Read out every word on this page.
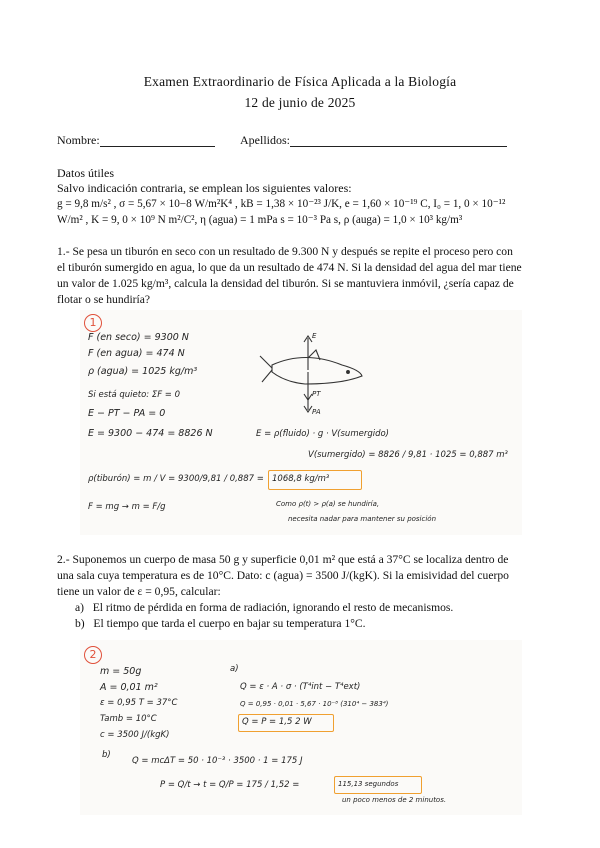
Examen Extraordinario de Física Aplicada a la Biología
12 de junio de 2025
Nombre:	Apellidos:
Datos útiles
Salvo indicación contraria, se emplean los siguientes valores:
g = 9,8 m/s² , σ = 5,67 × 10−8 W/m²K⁴ , kB = 1,38 × 10⁻²³ J/K, e = 1,60 × 10⁻¹⁹ C, I₀ = 1, 0 × 10⁻¹²
W/m² , K = 9, 0 × 10⁹ N m²/C², η (agua) = 1 mPa s = 10⁻³ Pa s, ρ (auga) = 1,0 × 10³ kg/m³
1.- Se pesa un tiburón en seco con un resultado de 9.300 N y después se repite el proceso pero con
el tiburón sumergido en agua, lo que da un resultado de 474 N. Si la densidad del agua del mar tiene
un valor de 1.025 kg/m³, calcula la densidad del tiburón. Si se mantuviera inmóvil, ¿sería capaz de
flotar o se hundiría?
1
F (en seco) = 9300 N
F (en agua) = 474 N
ρ (agua) = 1025 kg/m³
Si está quieto: ΣF = 0
E − PT − PA = 0
E = 9300 − 474 = 8826 N	E = ρ(fluido) · g · V(sumergido)
V(sumergido) = 8826 / 9,81 · 1025 = 0,887 m³
ρ(tiburón) = m / V = 9300/9,81 / 0,887 = 1068,8 kg/m³
F = mg → m = F/g	Como ρ(t) > ρ(a) se hundiría,
necesita nadar para mantener su posición
E
PT
PA
2.- Suponemos un cuerpo de masa 50 g y superficie 0,01 m² que está a 37°C se localiza dentro de
una sala cuya temperatura es de 10°C. Dato: c (agua) = 3500 J/(kgK). Si la emisividad del cuerpo
tiene un valor de ε = 0,95, calcular:
a) El ritmo de pérdida en forma de radiación, ignorando el resto de mecanismos.
b) El tiempo que tarda el cuerpo en bajar su temperatura 1°C.
2
m = 50g
A = 0,01 m²
ε = 0,95 T = 37°C
Tamb = 10°C
c = 3500 J/(kgK)
a)
Q = ε · A · σ · (T⁴int − T⁴ext)
Q = 0,95 · 0,01 · 5,67 · 10⁻⁸ (310⁴ − 383⁴)
Q = P = 1,5 2 W
b)
Q = mcΔT = 50 · 10⁻³ · 3500 · 1 = 175 J
P = Q/t → t = Q/P = 175 / 1,52 =	115,13 segundos
un poco menos de 2 minutos.
